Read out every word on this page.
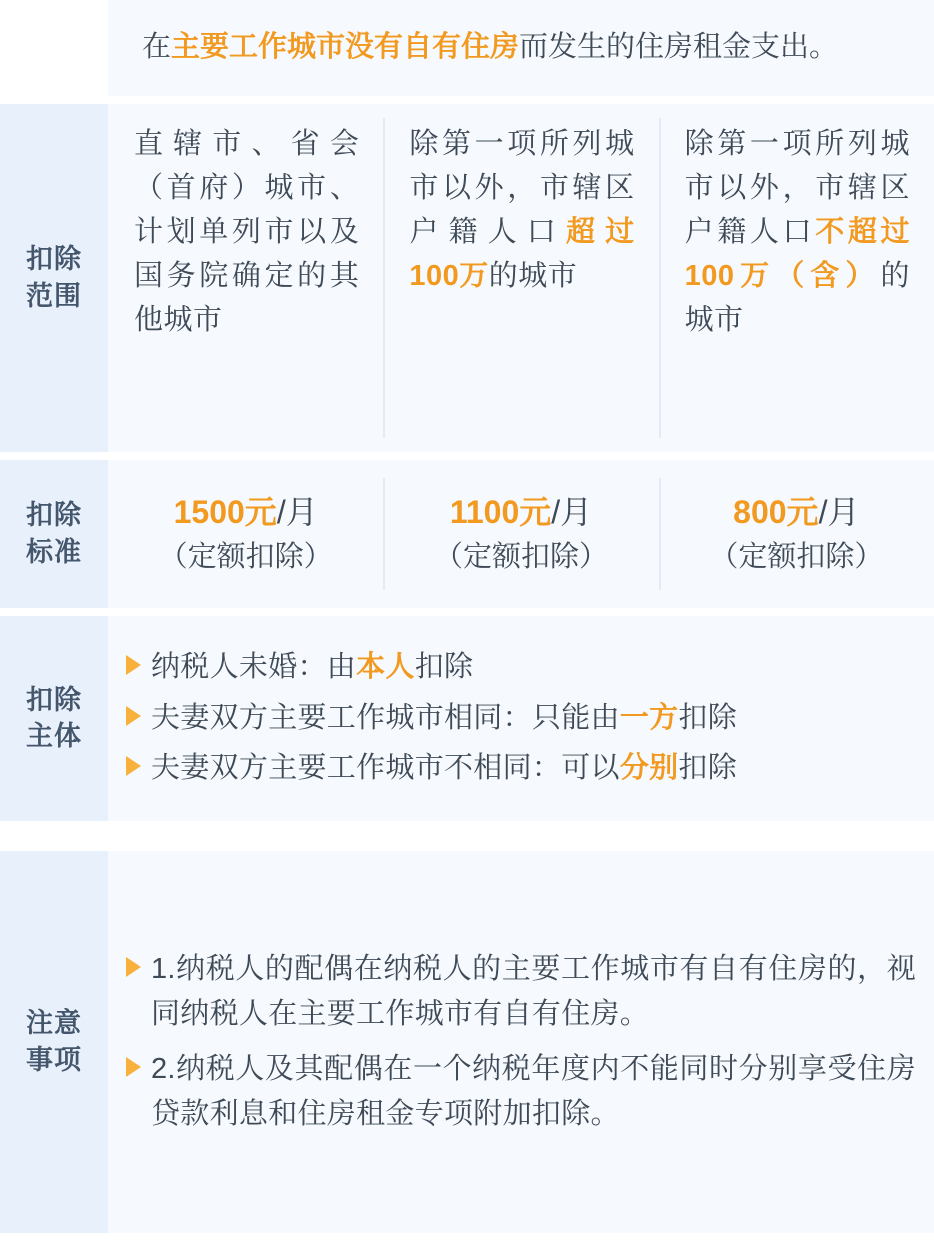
在主要工作城市没有自有住房而发生的住房租金支出。
扣除
范围
直辖市、省会（首府）城市、计划单列市以及国务院确定的其他城市
除第一项所列城市以外，市辖区户籍人口超过100万的城市
除第一项所列城市以外，市辖区户籍人口不超过100万（含）的城市
扣除
标准
1500元/月
（定额扣除）
1100元/月
（定额扣除）
800元/月
（定额扣除）
扣除
主体
纳税人未婚：由本人扣除
夫妻双方主要工作城市相同：只能由一方扣除
夫妻双方主要工作城市不相同：可以分别扣除
注意
事项
1.纳税人的配偶在纳税人的主要工作城市有自有住房的，视同纳税人在主要工作城市有自有住房。
2.纳税人及其配偶在一个纳税年度内不能同时分别享受住房贷款利息和住房租金专项附加扣除。
